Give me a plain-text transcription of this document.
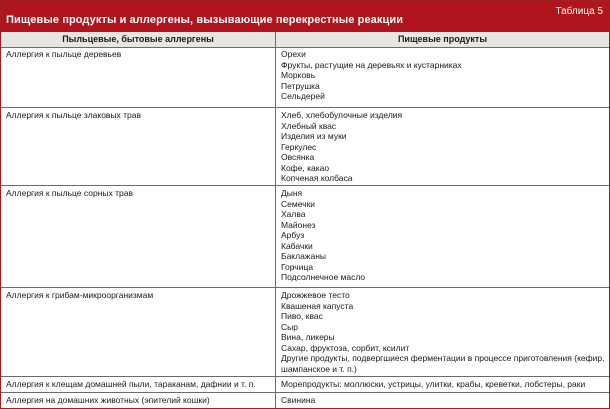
Пищевые продукты и аллергены, вызывающие перекрестные реакции
Таблица 5
Пыльцевые, бытовые аллергены	Пищевые продукты
Аллергия к пыльце деревьев	Орехи
Фрукты, растущие на деревьях и кустарниках
Морковь
Петрушка
Сельдерей
Аллергия к пыльце злаковых трав	Хлеб, хлебобулочные изделия
Хлебный квас
Изделия из муки
Геркулес
Овсянка
Кофе, какао
Копченая колбаса
Аллергия к пыльце сорных трав	Дыня
Семечки
Халва
Майонез
Арбуз
Кабачки
Баклажаны
Горчица
Подсолнечное масло
Аллергия к грибам-микроорганизмам	Дрожжевое тесто
Квашеная капуста
Пиво, квас
Сыр
Вина, ликеры
Сахар, фруктоза, сорбит, ксилит
Другие продукты, подвергшиеся ферментации в процессе приготовления (кефир, шампанское и т. п.)
Аллергия к клещам домашней пыли, тараканам, дафнии и т. п.	Морепродукты: моллюски, устрицы, улитки, крабы, креветки, лобстеры, раки
Аллергия на домашних животных (эпителий кошки)	Свинина
